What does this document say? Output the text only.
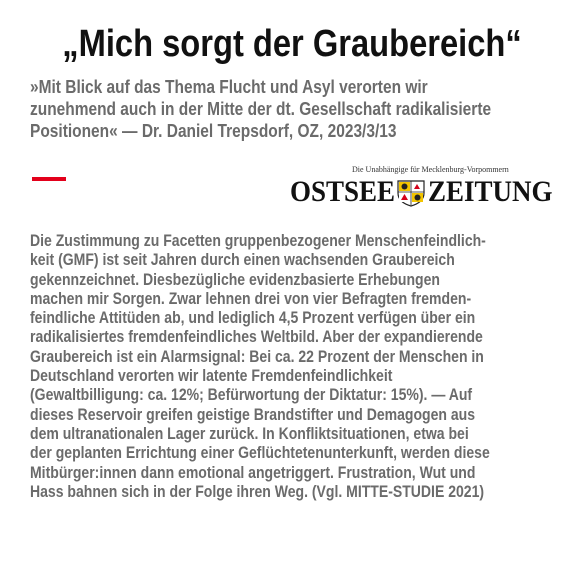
„Mich sorgt der Graubereich“
»Mit Blick auf das Thema Flucht und Asyl verorten wir
zunehmend auch in der Mitte der dt. Gesellschaft radikalisierte
Positionen« — Dr. Daniel Trepsdorf, OZ, 2023/3/13
Die Unabhängige für Mecklenburg-Vorpommern
OSTSEE ZEITUNG
Die Zustimmung zu Facetten gruppenbezogener Menschenfeindlich-
keit (GMF) ist seit Jahren durch einen wachsenden Graubereich
gekennzeichnet. Diesbezügliche evidenzbasierte Erhebungen
machen mir Sorgen. Zwar lehnen drei von vier Befragten fremden-
feindliche Attitüden ab, und lediglich 4,5 Prozent verfügen über ein
radikalisiertes fremdenfeindliches Weltbild. Aber der expandierende
Graubereich ist ein Alarmsignal: Bei ca. 22 Prozent der Menschen in
Deutschland verorten wir latente Fremdenfeindlichkeit
(Gewaltbilligung: ca. 12%; Befürwortung der Diktatur: 15%). — Auf
dieses Reservoir greifen geistige Brandstifter und Demagogen aus
dem ultranationalen Lager zurück. In Konfliktsituationen, etwa bei
der geplanten Errichtung einer Geflüchtetenunterkunft, werden diese
Mitbürger:innen dann emotional angetriggert. Frustration, Wut und
Hass bahnen sich in der Folge ihren Weg. (Vgl. MITTE-STUDIE 2021)
